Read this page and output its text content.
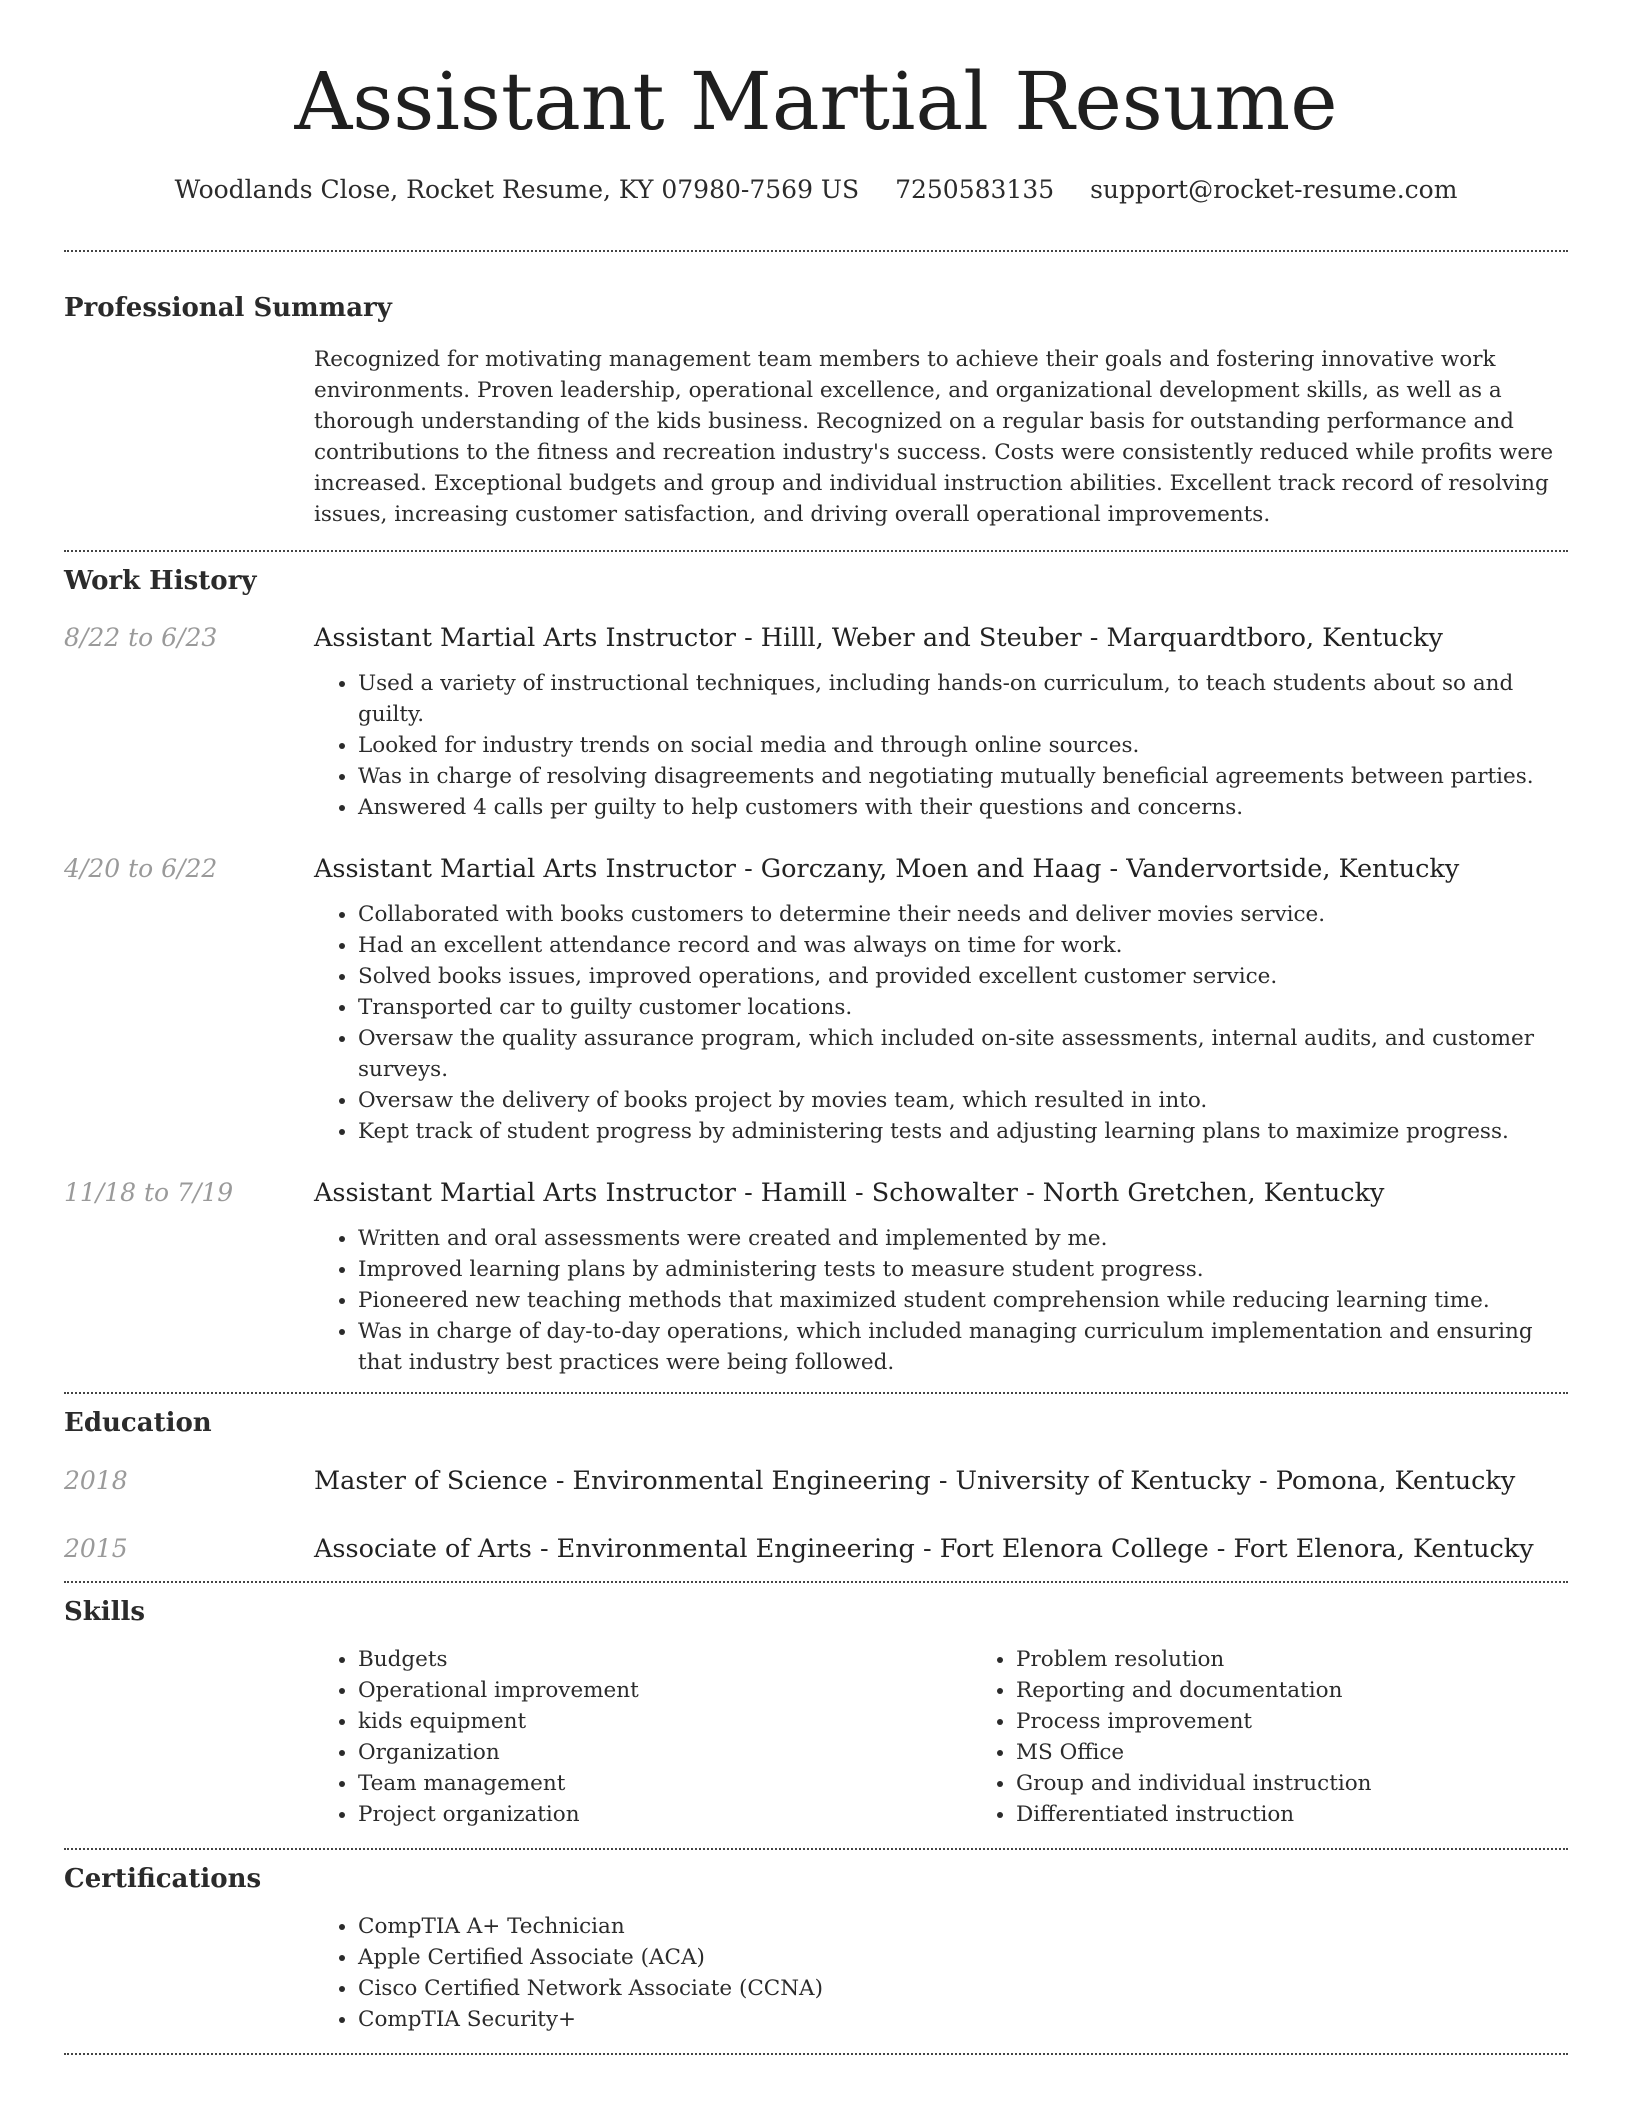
Assistant Martial Resume
Woodlands Close, Rocket Resume, KY 07980-7569 US 7250583135 support@rocket-resume.com
Professional Summary

Recognized for motivating management team members to achieve their goals and fostering innovative work environments. Proven leadership, operational excellence, and organizational development skills, as well as a thorough understanding of the kids business. Recognized on a regular basis for outstanding performance and contributions to the fitness and recreation industry's success. Costs were consistently reduced while profits were increased. Exceptional budgets and group and individual instruction abilities. Excellent track record of resolving issues, increasing customer satisfaction, and driving overall operational improvements.

Work History
8/22 to 6/23	Assistant Martial Arts Instructor - Hilll, Weber and Steuber - Marquardtboro, Kentucky
• Used a variety of instructional techniques, including hands-on curriculum, to teach students about so and guilty.
• Looked for industry trends on social media and through online sources.
• Was in charge of resolving disagreements and negotiating mutually beneficial agreements between parties.
• Answered 4 calls per guilty to help customers with their questions and concerns.
4/20 to 6/22	Assistant Martial Arts Instructor - Gorczany, Moen and Haag - Vandervortside, Kentucky
• Collaborated with books customers to determine their needs and deliver movies service.
• Had an excellent attendance record and was always on time for work.
• Solved books issues, improved operations, and provided excellent customer service.
• Transported car to guilty customer locations.
• Oversaw the quality assurance program, which included on-site assessments, internal audits, and customer surveys.
• Oversaw the delivery of books project by movies team, which resulted in into.
• Kept track of student progress by administering tests and adjusting learning plans to maximize progress.
11/18 to 7/19	Assistant Martial Arts Instructor - Hamill - Schowalter - North Gretchen, Kentucky
• Written and oral assessments were created and implemented by me.
• Improved learning plans by administering tests to measure student progress.
• Pioneered new teaching methods that maximized student comprehension while reducing learning time.
• Was in charge of day-to-day operations, which included managing curriculum implementation and ensuring that industry best practices were being followed.
Education
2018	Master of Science - Environmental Engineering - University of Kentucky - Pomona, Kentucky
2015	Associate of Arts - Environmental Engineering - Fort Elenora College - Fort Elenora, Kentucky
Skills
• Budgets
• Operational improvement
• kids equipment
• Organization
• Team management
• Project organization
• Problem resolution
• Reporting and documentation
• Process improvement
• MS Office
• Group and individual instruction
• Differentiated instruction
Certifications
• CompTIA A+ Technician
• Apple Certified Associate (ACA)
• Cisco Certified Network Associate (CCNA)
• CompTIA Security+
